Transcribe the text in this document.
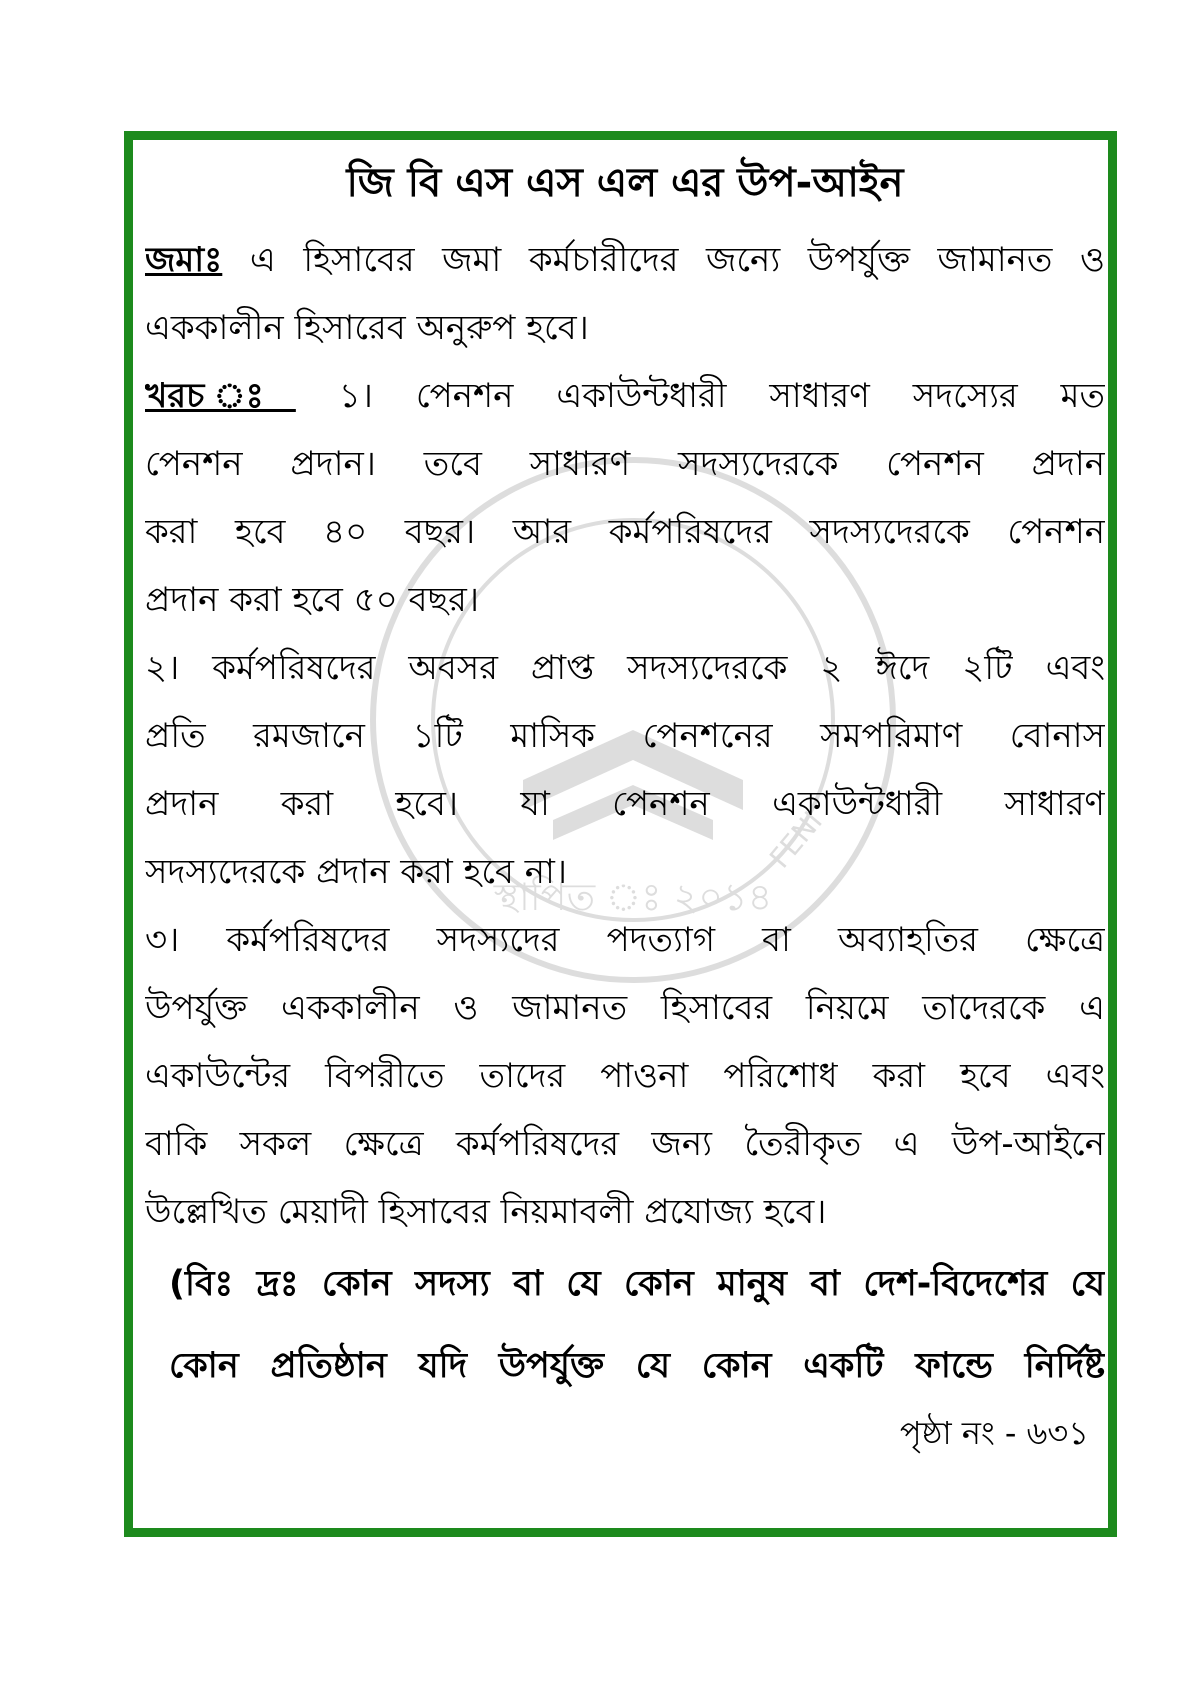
স্থাপিত ঃ ২০১৪
FENI
জি বি এস এস এল এর উপ-আইন
জমাঃ এ হিসাবের জমা কর্মচারীদের জন্যে উপর্যুক্ত জামানত ও
এককালীন হিসারেব অনুরুপ হবে।
খরচ ঃ ১। পেনশন একাউন্টধারী সাধারণ সদস্যের মত
পেনশন প্রদান। তবে সাধারণ সদস্যদেরকে পেনশন প্রদান
করা হবে ৪০ বছর। আর কর্মপরিষদের সদস্যদেরকে পেনশন
প্রদান করা হবে ৫০ বছর।
২। কর্মপরিষদের অবসর প্রাপ্ত সদস্যদেরকে ২ ঈদে ২টি এবং
প্রতি রমজানে ১টি মাসিক পেনশনের সমপরিমাণ বোনাস
প্রদান করা হবে। যা পেনশন একাউন্টধারী সাধারণ
সদস্যদেরকে প্রদান করা হবে না।
৩। কর্মপরিষদের সদস্যদের পদত্যাগ বা অব্যাহতির ক্ষেত্রে
উপর্যুক্ত এককালীন ও জামানত হিসাবের নিয়মে তাদেরকে এ
একাউন্টের বিপরীতে তাদের পাওনা পরিশোধ করা হবে এবং
বাকি সকল ক্ষেত্রে কর্মপরিষদের জন্য তৈরীকৃত এ উপ-আইনে
উল্লেখিত মেয়াদী হিসাবের নিয়মাবলী প্রযোজ্য হবে।
(বিঃ দ্রঃ কোন সদস্য বা যে কোন মানুষ বা দেশ-বিদেশের যে
কোন প্রতিষ্ঠান যদি উপর্যুক্ত যে কোন একটি ফান্ডে নির্দিষ্ট
পৃষ্ঠা নং - ৬৩১
